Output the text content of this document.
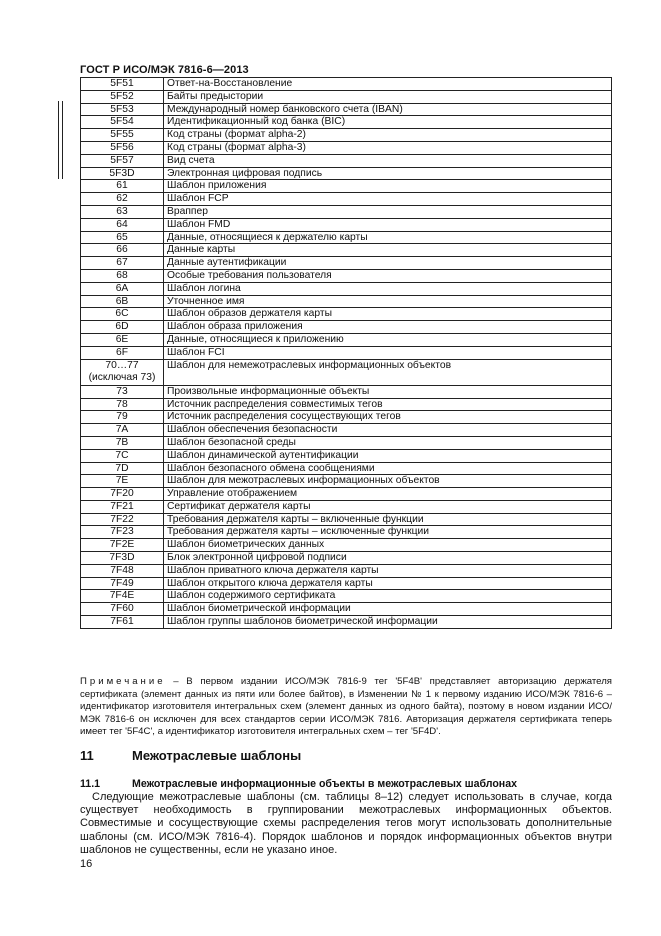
ГОСТ Р ИСО/МЭК 7816-6—2013
5F51	Ответ-на-Восстановление
5F52	Байты предыстории
5F53	Международный номер банковского счета (IBAN)
5F54	Идентификационный код банка (BIC)
5F55	Код страны (формат alpha-2)
5F56	Код страны (формат alpha-3)
5F57	Вид счета
5F3D	Электронная цифровая подпись
61	Шаблон приложения
62	Шаблон FCP
63	Враппер
64	Шаблон FMD
65	Данные, относящиеся к держателю карты
66	Данные карты
67	Данные аутентификации
68	Особые требования пользователя
6A	Шаблон логина
6B	Уточненное имя
6C	Шаблон образов держателя карты
6D	Шаблон образа приложения
6E	Данные, относящиеся к приложению
6F	Шаблон FCI
70…77 (исключая 73)	Шаблон для немежотраслевых информационных объектов
73	Произвольные информационные объекты
78	Источник распределения совместимых тегов
79	Источник распределения сосуществующих тегов
7A	Шаблон обеспечения безопасности
7B	Шаблон безопасной среды
7C	Шаблон динамической аутентификации
7D	Шаблон безопасного обмена сообщениями
7E	Шаблон для межотраслевых информационных объектов
7F20	Управление отображением
7F21	Сертификат держателя карты
7F22	Требования держателя карты – включенные функции
7F23	Требования держателя карты – исключенные функции
7F2E	Шаблон биометрических данных
7F3D	Блок электронной цифровой подписи
7F48	Шаблон приватного ключа держателя карты
7F49	Шаблон открытого ключа держателя карты
7F4E	Шаблон содержимого сертификата
7F60	Шаблон биометрической информации
7F61	Шаблон группы шаблонов биометрической информации
Примечание – В первом издании ИСО/МЭК 7816-9 тег '5F4B' представляет авторизацию держателя сертификата (элемент данных из пяти или более байтов), в Изменении № 1 к первому изданию ИСО/МЭК 7816-6 – идентификатор изготовителя интегральных схем (элемент данных из одного байта), поэтому в новом издании ИСО/МЭК 7816-6 он исключен для всех стандартов серии ИСО/МЭК 7816. Авторизация держателя сертификата теперь имеет тег '5F4C', а идентификатор изготовителя интегральных схем – тег '5F4D'.
11	Межотраслевые шаблоны
11.1	Межотраслевые информационные объекты в межотраслевых шаблонах
Следующие межотраслевые шаблоны (см. таблицы 8–12) следует использовать в случае, когда существует необходимость в группировании межотраслевых информационных объектов. Совместимые и сосуществующие схемы распределения тегов могут использовать дополнительные шаблоны (см. ИСО/МЭК 7816-4). Порядок шаблонов и порядок информационных объектов внутри шаблонов не существенны, если не указано иное.
16
